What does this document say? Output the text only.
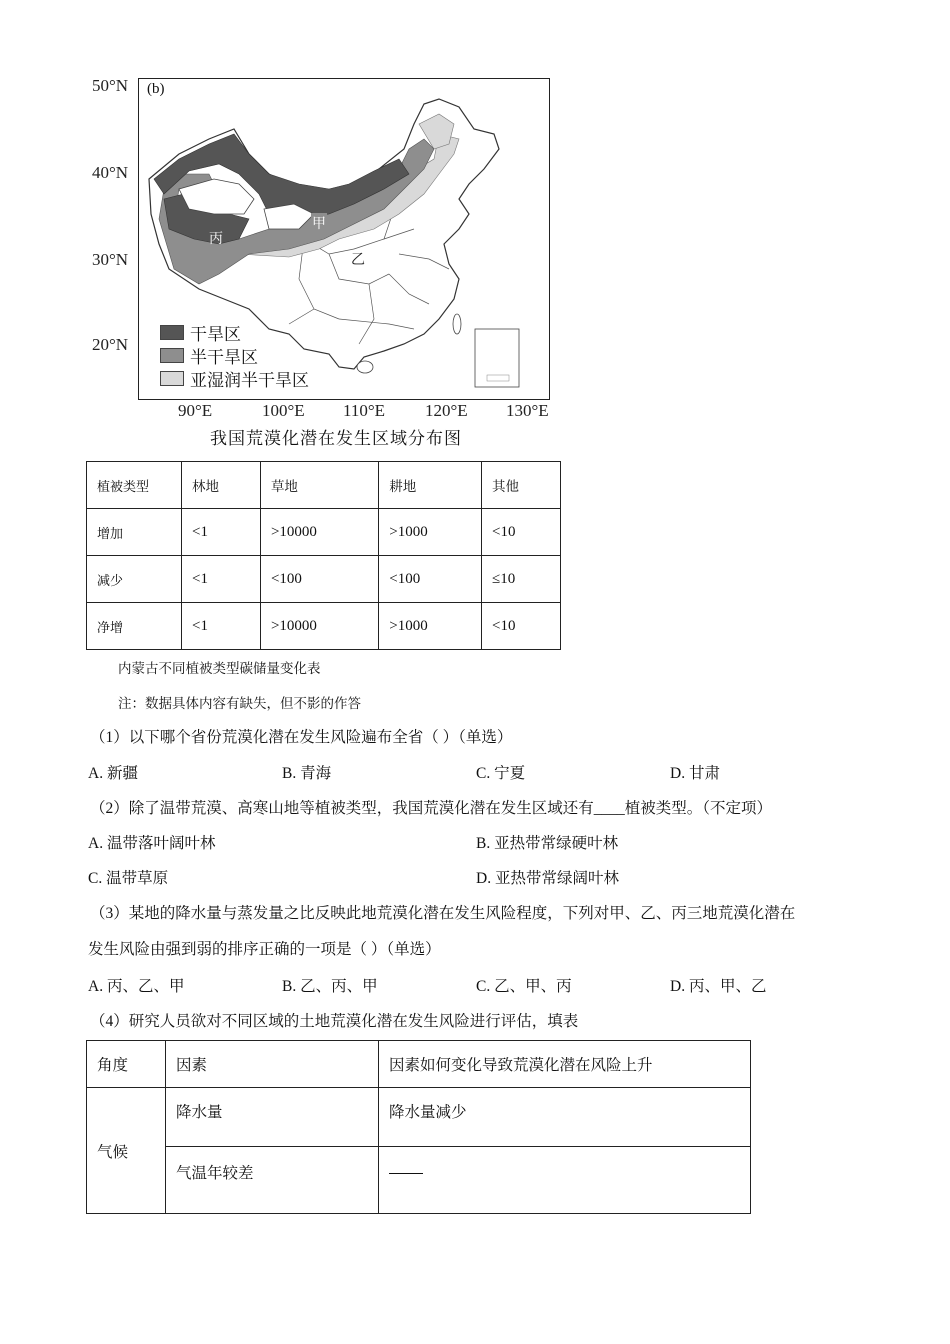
50°N
40°N
30°N
20°N
(b)
甲
乙
丙
干旱区
半干旱区
亚湿润半干旱区
90°E	100°E 110°E 120°E 130°E
我国荒漠化潜在发生区域分布图
植被类型	林地	草地	耕地	其他
增加	<1	>10000	>1000	<10
减少	<1	<100	<100	≤10
净增	<1	>10000	>1000	<10
内蒙古不同植被类型碳储量变化表
注：数据具体内容有缺失，但不影的作答
（1）以下哪个省份荒漠化潜在发生风险遍布全省（ ）（单选）
A. 新疆	B. 青海	C. 宁夏	D. 甘肃
（2）除了温带荒漠、高寒山地等植被类型，我国荒漠化潜在发生区域还有____植被类型。（不定项）
A. 温带落叶阔叶林	B. 亚热带常绿硬叶林
C. 温带草原	D. 亚热带常绿阔叶林
（3）某地的降水量与蒸发量之比反映此地荒漠化潜在发生风险程度，下列对甲、乙、丙三地荒漠化潜在
发生风险由强到弱的排序正确的一项是（ ）（单选）
A. 丙、乙、甲	B. 乙、丙、甲	C. 乙、甲、丙	D. 丙、甲、乙
（4）研究人员欲对不同区域的土地荒漠化潜在发生风险进行评估，填表
角度	因素	因素如何变化导致荒漠化潜在风险上升
气候	降水量	降水量减少
	气温年较差	
